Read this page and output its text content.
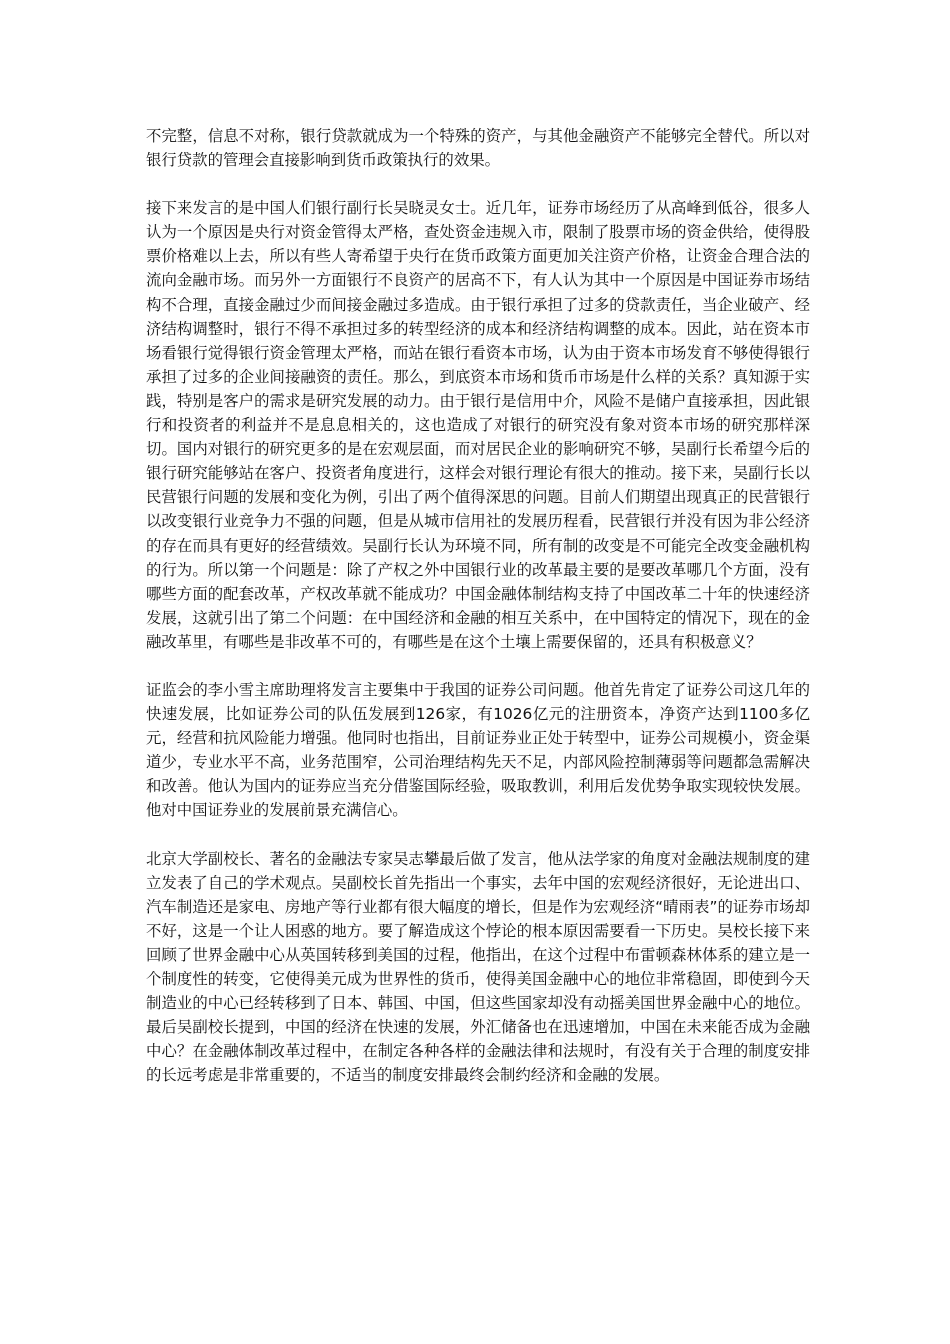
不完整，信息不对称，银行贷款就成为一个特殊的资产，与其他金融资产不能够完全替代。所以对银行贷款的管理会直接影响到货币政策执行的效果。

接下来发言的是中国人们银行副行长吴晓灵女士。近几年，证券市场经历了从高峰到低谷，很多人认为一个原因是央行对资金管得太严格，查处资金违规入市，限制了股票市场的资金供给，使得股票价格难以上去，所以有些人寄希望于央行在货币政策方面更加关注资产价格，让资金合理合法的流向金融市场。而另外一方面银行不良资产的居高不下，有人认为其中一个原因是中国证券市场结构不合理，直接金融过少而间接金融过多造成。由于银行承担了过多的贷款责任，当企业破产、经济结构调整时，银行不得不承担过多的转型经济的成本和经济结构调整的成本。因此，站在资本市场看银行觉得银行资金管理太严格，而站在银行看资本市场，认为由于资本市场发育不够使得银行承担了过多的企业间接融资的责任。那么，到底资本市场和货币市场是什么样的关系？真知源于实践，特别是客户的需求是研究发展的动力。由于银行是信用中介，风险不是储户直接承担，因此银行和投资者的利益并不是息息相关的，这也造成了对银行的研究没有象对资本市场的研究那样深切。国内对银行的研究更多的是在宏观层面，而对居民企业的影响研究不够，吴副行长希望今后的银行研究能够站在客户、投资者角度进行，这样会对银行理论有很大的推动。接下来，吴副行长以民营银行问题的发展和变化为例，引出了两个值得深思的问题。目前人们期望出现真正的民营银行以改变银行业竞争力不强的问题，但是从城市信用社的发展历程看，民营银行并没有因为非公经济的存在而具有更好的经营绩效。吴副行长认为环境不同，所有制的改变是不可能完全改变金融机构的行为。所以第一个问题是：除了产权之外中国银行业的改革最主要的是要改革哪几个方面，没有哪些方面的配套改革，产权改革就不能成功？中国金融体制结构支持了中国改革二十年的快速经济发展，这就引出了第二个问题：在中国经济和金融的相互关系中，在中国特定的情况下，现在的金融改革里，有哪些是非改革不可的，有哪些是在这个土壤上需要保留的，还具有积极意义？

证监会的李小雪主席助理将发言主要集中于我国的证券公司问题。他首先肯定了证券公司这几年的快速发展，比如证券公司的队伍发展到126家，有1026亿元的注册资本，净资产达到1100多亿元，经营和抗风险能力增强。他同时也指出，目前证券业正处于转型中，证券公司规模小，资金渠道少，专业水平不高，业务范围窄，公司治理结构先天不足，内部风险控制薄弱等问题都急需解决和改善。他认为国内的证券应当充分借鉴国际经验，吸取教训，利用后发优势争取实现较快发展。他对中国证券业的发展前景充满信心。

北京大学副校长、著名的金融法专家吴志攀最后做了发言，他从法学家的角度对金融法规制度的建立发表了自己的学术观点。吴副校长首先指出一个事实，去年中国的宏观经济很好，无论进出口、汽车制造还是家电、房地产等行业都有很大幅度的增长，但是作为宏观经济“晴雨表”的证券市场却不好，这是一个让人困惑的地方。要了解造成这个悖论的根本原因需要看一下历史。吴校长接下来回顾了世界金融中心从英国转移到美国的过程，他指出，在这个过程中布雷顿森林体系的建立是一个制度性的转变，它使得美元成为世界性的货币，使得美国金融中心的地位非常稳固，即使到今天制造业的中心已经转移到了日本、韩国、中国，但这些国家却没有动摇美国世界金融中心的地位。最后吴副校长提到，中国的经济在快速的发展，外汇储备也在迅速增加，中国在未来能否成为金融中心？在金融体制改革过程中，在制定各种各样的金融法律和法规时，有没有关于合理的制度安排的长远考虑是非常重要的，不适当的制度安排最终会制约经济和金融的发展。
